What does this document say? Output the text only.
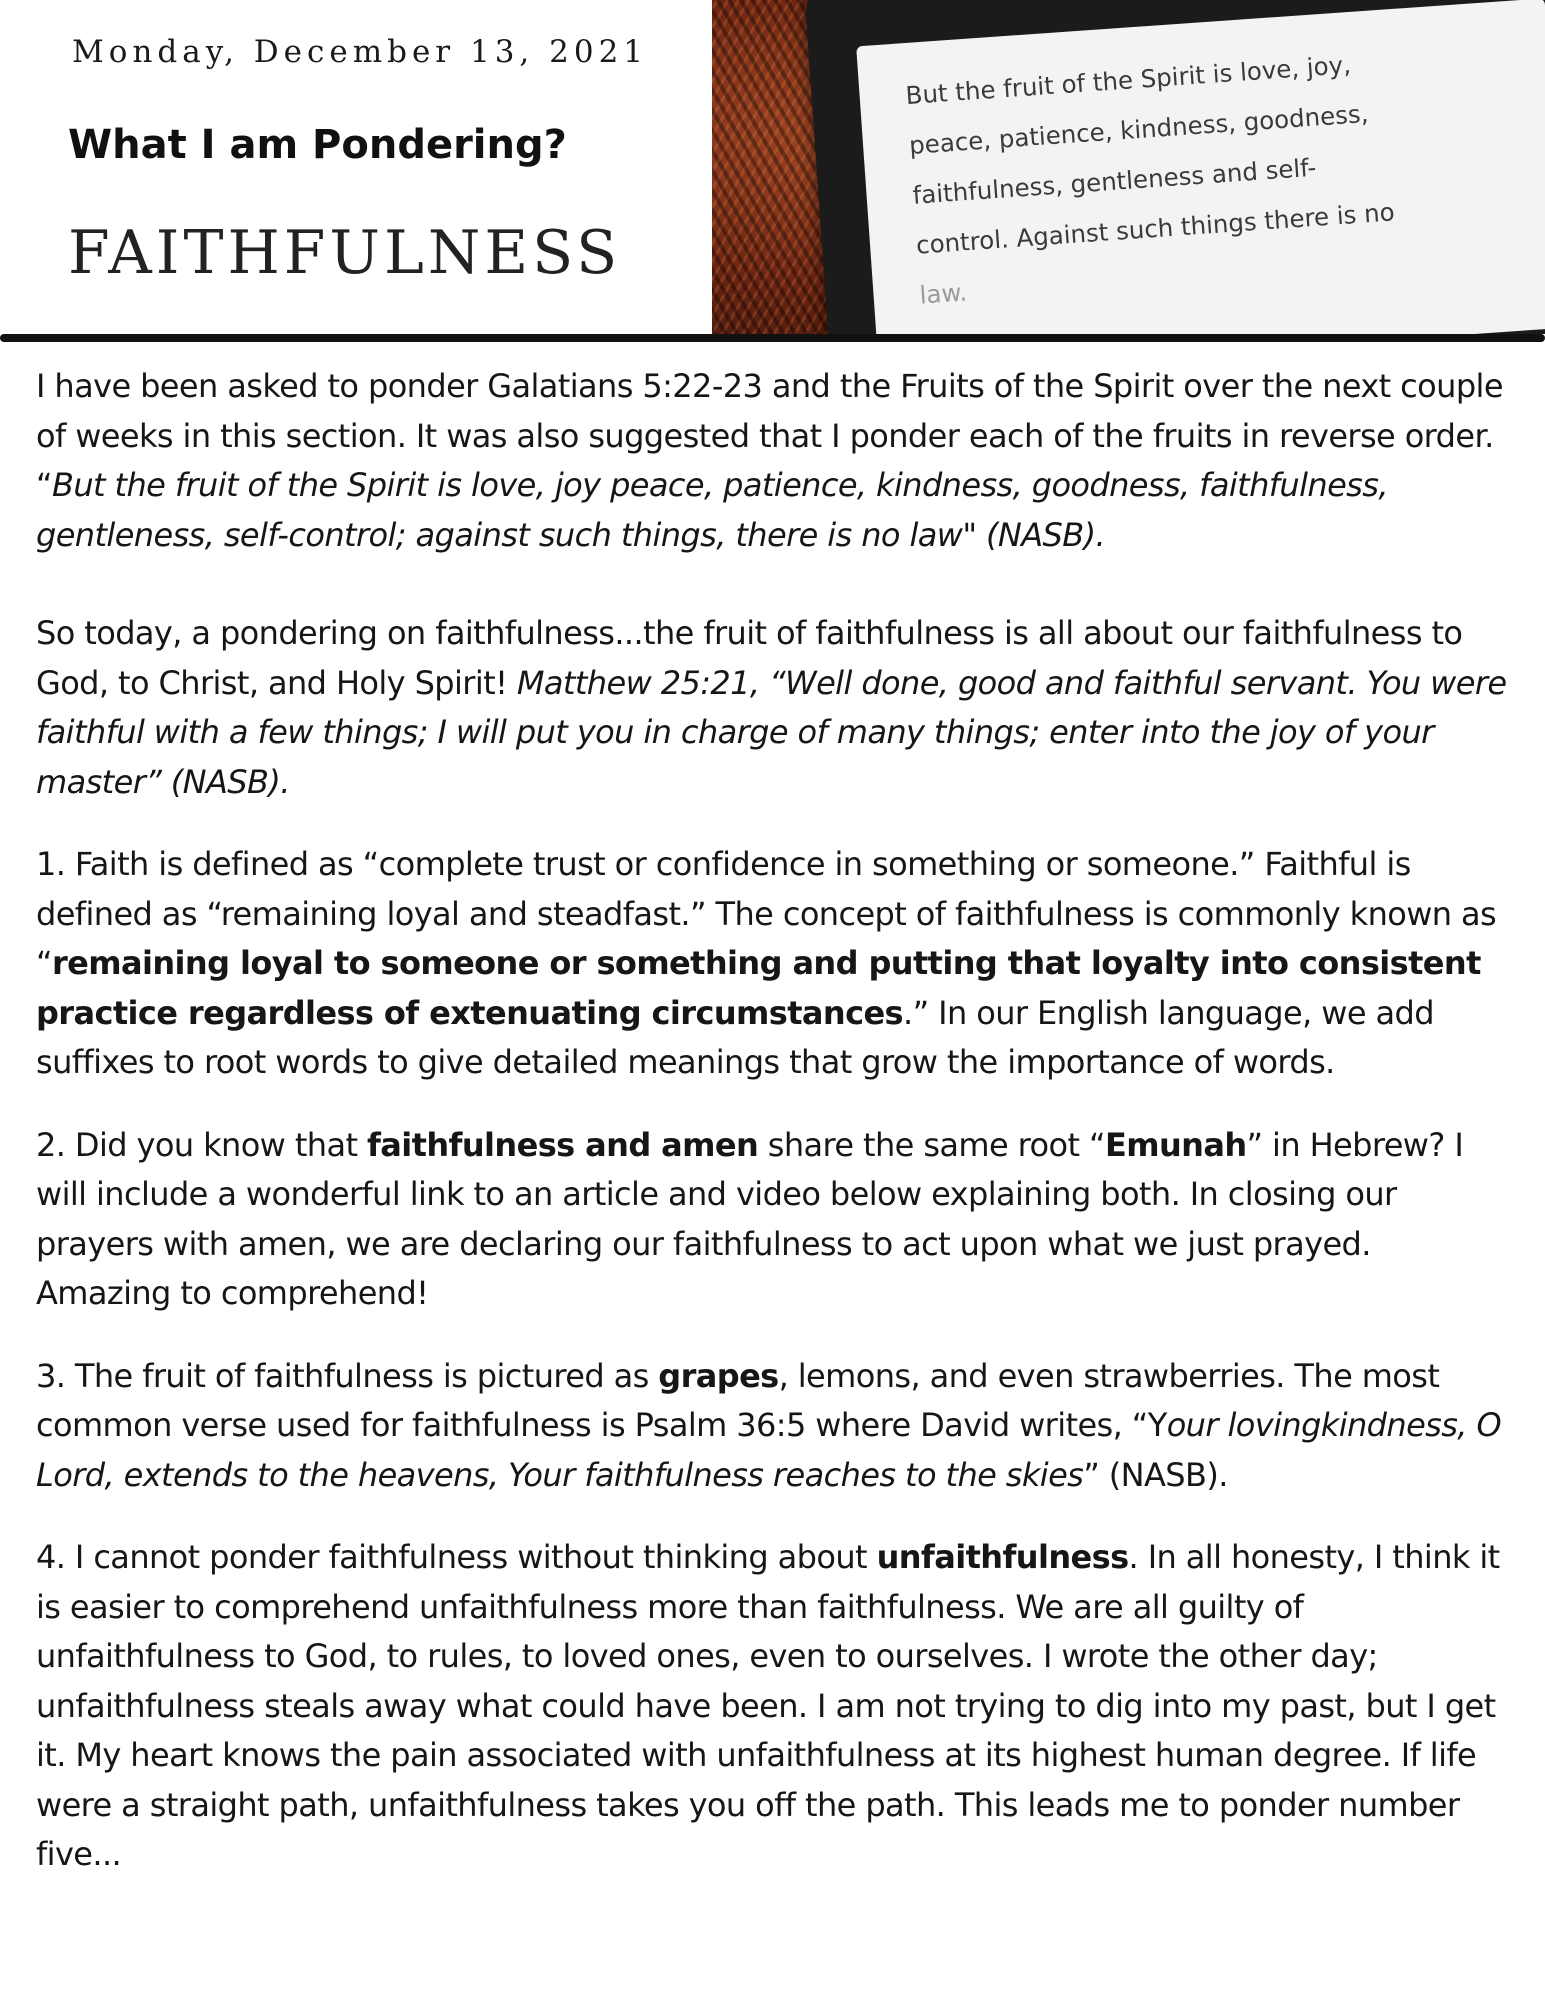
Monday, December 13, 2021
What I am Pondering?
FAITHFULNESS
But the fruit of the Spirit is love, joy,
peace, patience, kindness, goodness,
faithfulness, gentleness and self-
control. Against such things there is no
law.

I have been asked to ponder Galatians 5:22-23 and the Fruits of the Spirit over the next couple of weeks in this section. It was also suggested that I ponder each of the fruits in reverse order.

“But the fruit of the Spirit is love, joy peace, patience, kindness, goodness, faithfulness, gentleness, self-control; against such things, there is no law" (NASB).

So today, a pondering on faithfulness...the fruit of faithfulness is all about our faithfulness to God, to Christ, and Holy Spirit! Matthew 25:21, “Well done, good and faithful servant. You were faithful with a few things; I will put you in charge of many things; enter into the joy of your master” (NASB).

1. Faith is defined as “complete trust or confidence in something or someone.” Faithful is defined as “remaining loyal and steadfast.” The concept of faithfulness is commonly known as “remaining loyal to someone or something and putting that loyalty into consistent practice regardless of extenuating circumstances.” In our English language, we add suffixes to root words to give detailed meanings that grow the importance of words.

2. Did you know that faithfulness and amen share the same root “Emunah” in Hebrew? I will include a wonderful link to an article and video below explaining both. In closing our prayers with amen, we are declaring our faithfulness to act upon what we just prayed. Amazing to comprehend!

3. The fruit of faithfulness is pictured as grapes, lemons, and even strawberries. The most common verse used for faithfulness is Psalm 36:5 where David writes, “Your lovingkindness, O Lord, extends to the heavens, Your faithfulness reaches to the skies” (NASB).

4. I cannot ponder faithfulness without thinking about unfaithfulness. In all honesty, I think it is easier to comprehend unfaithfulness more than faithfulness. We are all guilty of unfaithfulness to God, to rules, to loved ones, even to ourselves. I wrote the other day; unfaithfulness steals away what could have been. I am not trying to dig into my past, but I get it. My heart knows the pain associated with unfaithfulness at its highest human degree. If life were a straight path, unfaithfulness takes you off the path. This leads me to ponder number five...
